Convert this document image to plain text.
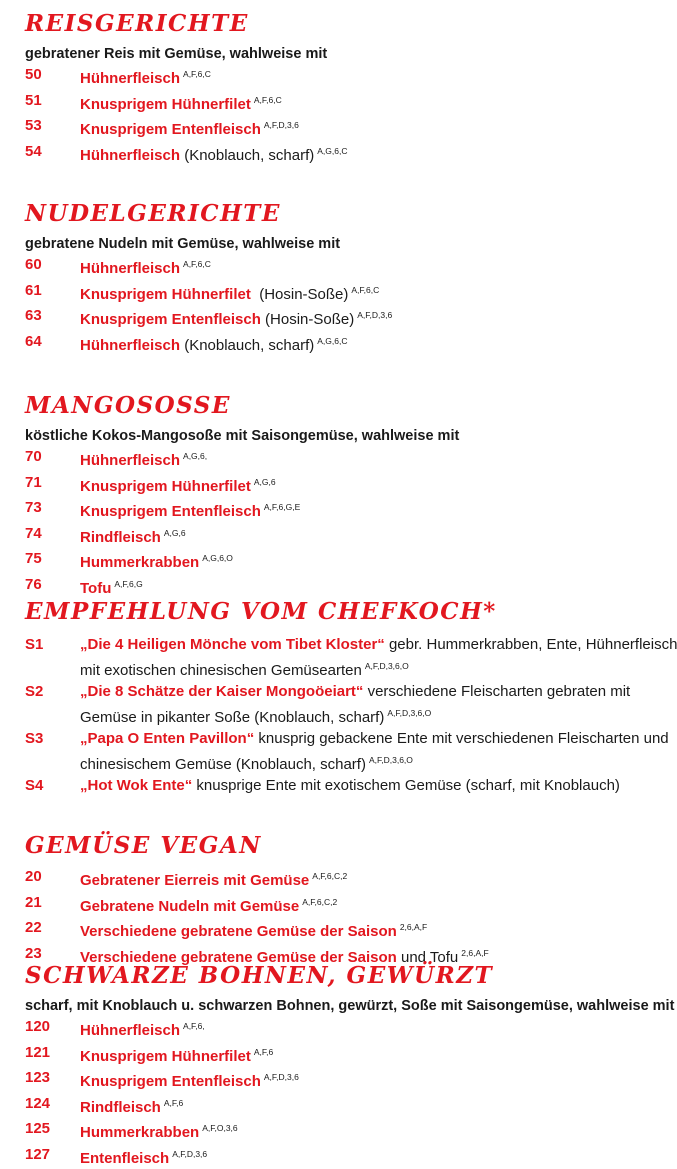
REISGERICHTE
gebratener Reis mit Gemüse, wahlweise mit
50	Hühnerfleisch $^{A,F,6,C}$
51	Knusprigem Hühnerfilet $^{A,F,6,C}$
53	Knusprigem Entenfleisch $^{A,F,D,3,6}$
54	Hühnerfleisch (Knoblauch, scharf) $^{A,G,6,C}$
NUDELGERICHTE
gebratene Nudeln mit Gemüse, wahlweise mit
60	Hühnerfleisch $^{A,F,6,C}$
61	Knusprigem Hühnerfilet  (Hosin-Soße) $^{A,F,6,C}$
63	Knusprigem Entenfleisch (Hosin-Soße) $^{A,F,D,3,6}$
64	Hühnerfleisch (Knoblauch, scharf) $^{A,G,6,C}$
MANGOSOSSE
köstliche Kokos-Mangosoße mit Saisongemüse, wahlweise mit
70	Hühnerfleisch $^{A,G,6,}$
71	Knusprigem Hühnerfilet $^{A,G,6}$
73	Knusprigem Entenfleisch $^{A,F,6,G,E}$
74	Rindfleisch $^{A,G,6}$
75	Hummerkrabben $^{A,G,6,O}$
76	Tofu $^{A,F,6,G}$
EMPFEHLUNG VOM CHEFKOCH*
S1 „Die 4 Heiligen Mönche vom Tibet Kloster“ gebr. Hummerkrabben, Ente, Hühnerfleisch
mit exotischen chinesischen Gemüsearten $^{A,F,D,3,6,O}$
S2 „Die 8 Schätze der Kaiser Mongoöeiart“ verschiedene Fleischarten gebraten mit
Gemüse in pikanter Soße (Knoblauch, scharf) $^{A,F,D,3,6,O}$
S3 „Papa O Enten Pavillon“ knusprig gebackene Ente mit verschiedenen Fleischarten und
chinesischem Gemüse (Knoblauch, scharf) $^{A,F,D,3,6,O}$
S4 „Hot Wok Ente“ knusprige Ente mit exotischem Gemüse (scharf, mit Knoblauch)
GEMÜSE VEGAN
20	Gebratener Eierreis mit Gemüse $^{A,F,6,C,2}$
21	Gebratene Nudeln mit Gemüse $^{A,F,6,C,2}$
22	Verschiedene gebratene Gemüse der Saison $^{2,6,A,F}$
23	Verschiedene gebratene Gemüse der Saison und Tofu $^{2,6,A,F}$
SCHWARZE BOHNEN, GEWÜRZT
scharf, mit Knoblauch u. schwarzen Bohnen, gewürzt, Soße mit Saisongemüse, wahlweise mit
120 Hühnerfleisch $^{A,F,6,}$
121 Knusprigem Hühnerfilet $^{A,F,6}$
123 Knusprigem Entenfleisch $^{A,F,D,3,6}$
124 Rindfleisch $^{A,F,6}$
125 Hummerkrabben $^{A,F,O,3,6}$
127 Entenfleisch $^{A,F,D,3,6}$
